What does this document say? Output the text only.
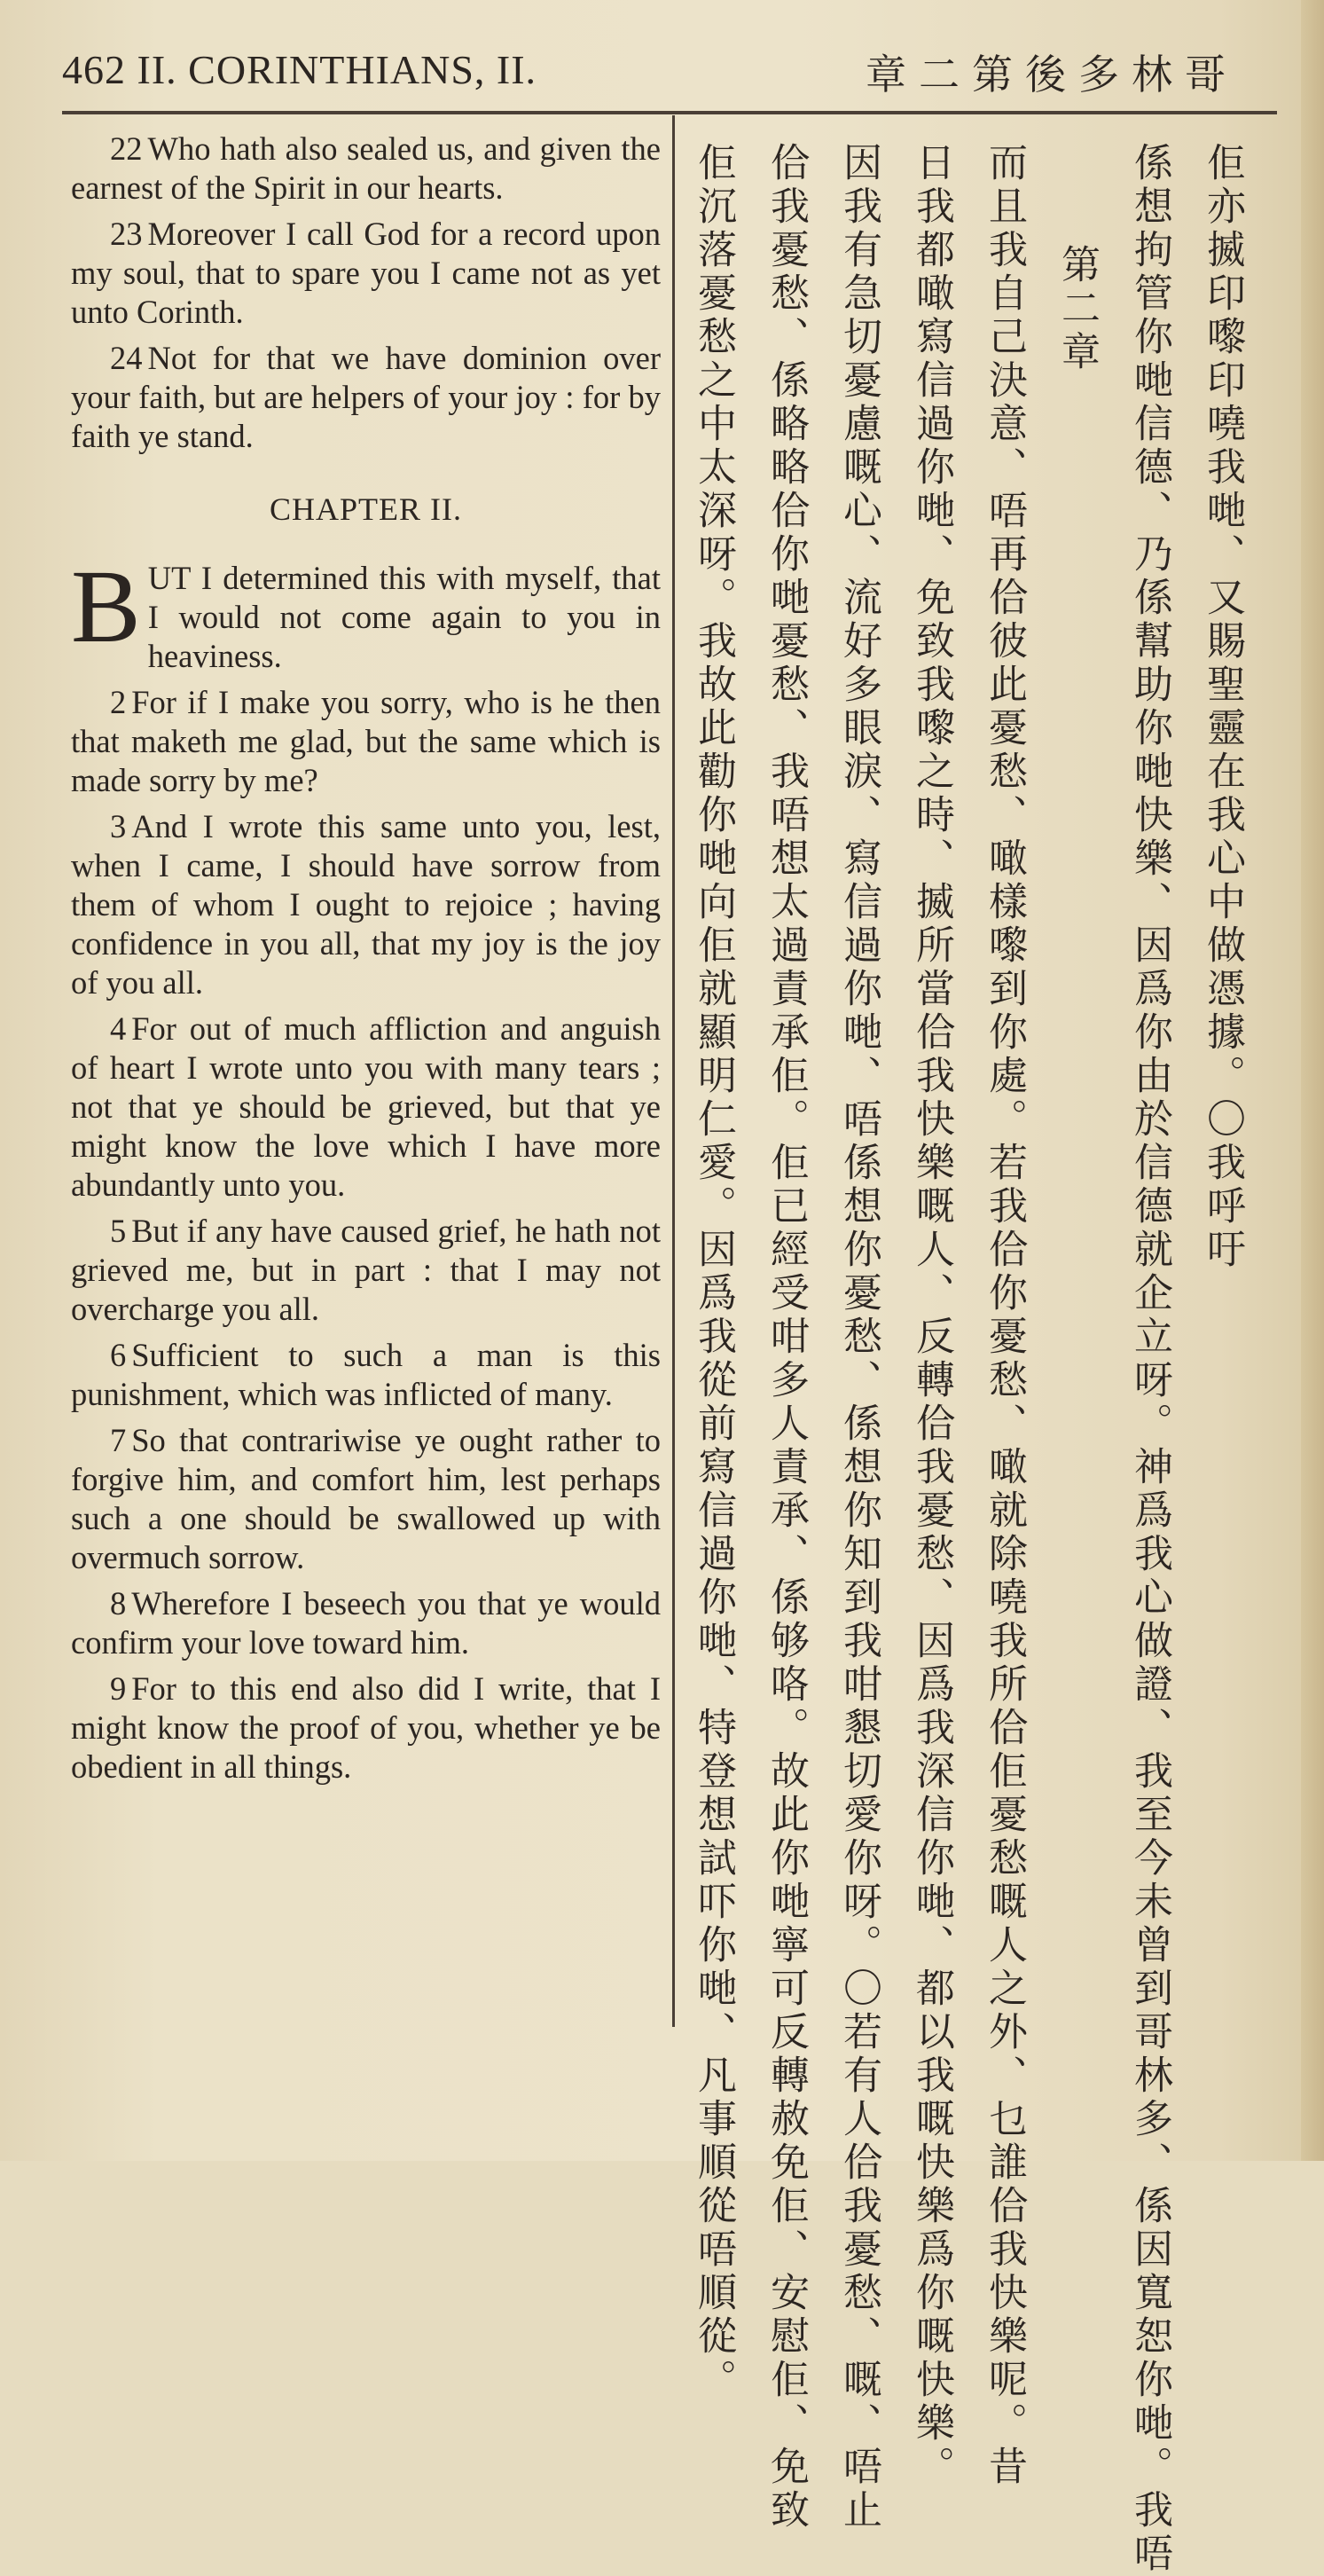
462 II. CORINTHIANS, II.	章二第後多林哥

22 Who hath also sealed us, and given the earnest of the Spirit in our hearts.

23 Moreover I call God for a record upon my soul, that to spare you I came not as yet unto Corinth.

24 Not for that we have dominion over your faith, but are helpers of your joy : for by faith ye stand.

CHAPTER II.

BUT I determined this with myself, that I would not come again to you in heaviness.

2 For if I make you sorry, who is he then that maketh me glad, but the same which is made sorry by me?

3 And I wrote this same unto you, lest, when I came, I should have sorrow from them of whom I ought to rejoice ; having confidence in you all, that my joy is the joy of you all.

4 For out of much affliction and anguish of heart I wrote unto you with many tears ; not that ye should be grieved, but that ye might know the love which I have more abundantly unto you.

5 But if any have caused grief, he hath not grieved me, but in part : that I may not overcharge you all.

6 Sufficient to such a man is this punishment, which was inflicted of many.

7 So that contrariwise ye ought rather to forgive him, and comfort him, lest perhaps such a one should be swallowed up with overmuch sorrow.

8 Wherefore I beseech you that ye would confirm your love toward him.

9 For to this end also did I write, that I might know the proof of you, whether ye be obedient in all things.

佢亦揻印嚟印嘵我哋、又賜聖靈在我心中做憑據。〇我呼吁
係想拘管你哋信德、乃係幫助你哋快樂、因爲你由於信德就企立呀。神爲我心做證、我至今未曾到哥林多、係因寬恕你哋。我唔
第二章
而且我自己決意、唔再佮彼此憂愁、噉樣嚟到你處。若我佮你憂愁、噉就除嘵我所佮佢憂愁嘅人之外、乜誰佮我快樂呢。昔
日我都噉寫信過你哋、免致我嚟之時、揻所當佮我快樂嘅人、反轉佮我憂愁、因爲我深信你哋、都以我嘅快樂爲你嘅快樂。
因我有急切憂慮嘅心、流好多眼淚、寫信過你哋、唔係想你憂愁、係想你知到我咁懇切愛你呀。〇若有人佮我憂愁、嘅、唔止
佮我憂愁、係略略佮你哋憂愁、我唔想太過責承佢。佢已經受咁多人責承、係够咯。故此你哋寧可反轉赦免佢、安慰佢、免致
佢沉落憂愁之中太深呀。我故此勸你哋向佢就顯明仁愛。因爲我從前寫信過你哋、特登想試吓你哋、凡事順從唔順從。
